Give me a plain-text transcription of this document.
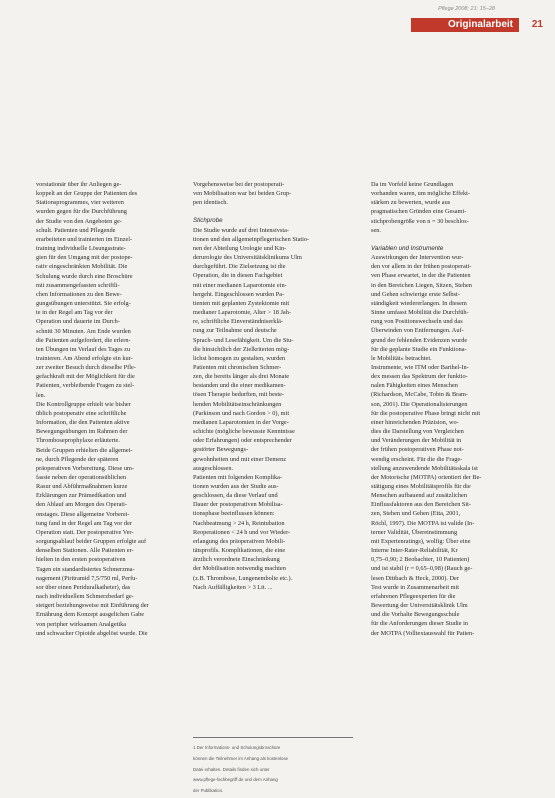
Pflege 2008; 21: 15–28
Originalarbeit	21

vorstationär über ihr Anliegen ge-

koppelt an der Gruppe der Patienten des

Stationsprogrammes, vier weiteren

wurden gegen für die Durchführung

der Studie von den Angeboten ge-

schult. Patienten und Pflegende

erarbeiteten und trainierten im Einzel-

training individuelle Lösungsstrate-

gien für den Umgang mit der postope-

rativ eingeschränkten Mobilität. Die

Schulung wurde durch eine Broschüre

mit zusammengefassten schriftli-

chen Informationen zu den Bewe-

gungsübungen unterstützt. Sie erfolg-

te in der Regel am Tag vor der

Operation und dauerte im Durch-

schnitt 30 Minuten. Am Ende wurden

die Patienten aufgefordert, die erlern-

ten Übungen im Verlauf des Tages zu

trainieren. Am Abend erfolgte ein kur-

zer zweiter Besuch durch dieselbe Pfle-

gefachkraft mit der Möglichkeit für die

Patienten, verbleibende Fragen zu stel-

len.

Die Kontrollgruppe erhielt wie bisher

üblich postoperativ eine schriftliche

Information, die den Patienten aktive

Bewegungsübungen im Rahmen der

Thromboseprophylaxe erläuterte.

Beide Gruppen erhielten die allgemei-

ne, durch Pflegende der späteren

präoperativen Vorbereitung. Diese um-

fasste neben der operationsüblichen

Rasur und Abführmaßnahmen kurze

Erklärungen zur Prämedikation und

den Ablauf am Morgen des Operati-

onstages. Diese allgemeine Vorberei-

tung fand in der Regel am Tag vor der

Operation statt. Der postoperative Ver-

sorgungsablauf beider Gruppen erfolgte auf

denselben Stationen. Alle Patienten er-

hielten in den ersten postoperativen

Tagen ein standardisiertes Schmerzma-

nagement (Piritramid 7,5/750 ml, Perfu-

sor über einen Periduralkatheter), das

nach individuellem Schmerzbedarf ge-

steigert beziehungsweise mit Einführung der

Ernährung dem Konzept ausgelichen Gabe

von peripher wirksamen Analgetika

und schwacher Opioide abgelöst wurde. Die

Vorgehensweise bei der postoperati-

ven Mobilisation war bei beiden Grup-

pen identisch.

Stichprobe

Die Studie wurde auf drei Intensivsta-

tionen und den allgemeinpflegerischen Statio-

nen der Abteilung Urologie und Kin-

derurologie des Universitätsklinikums Ulm

durchgeführt. Die Zielsetzung ist die

Operation, die in diesen Fachgebiet

mit einer medianen Laparotomie ein-

hergeht. Eingeschlossen wurden Pa-

tienten mit geplanten Zystektomie mit

medianer Laparotomie, Alter > 18 Jah-

re, schriftliche Einverständniserklä-

rung zur Teilnahme und deutsche

Sprach- und Lesefähigkeit. Um die Stu-

die hinsichtlich der Zielkriterien mög-

lichst homogen zu gestalten, wurden

Patienten mit chronischen Schmer-

zen, die bereits länger als drei Monate

bestanden und die einer medikamen-

tösen Therapie bedurften, mit beste-

henden Mobilitätseinschränkungen

(Parkinson und nach Gordon > 0), mit

medianen Laparotomien in der Vorge-

schichte (mögliche bewusste Kenntnisse

oder Erfahrungen) oder entsprechender

gestörter Bewegungs-

gewohnheiten und mit einer Demenz

ausgeschlossen.

Patienten mit folgenden Komplika-

tionen wurden aus der Studie aus-

geschlossen, da diese Verlauf und

Dauer der postoperativen Mobilisa-

tionsphase beeinflussen können:

Nachbeatmung > 24 h, Reintubation

Reoperationen < 24 h und vor Wieder-

erlangung des präoperativen Mobili-

tätsprofils. Komplikationen, die eine

ärztlich verordnete Einschränkung

der Mobilisation notwendig machten

(z.B. Thrombose, Lungenembolie etc.).

Nach Auffälligkeiten > 3 Lit. ...

Da im Vorfeld keine Grundlagen

vorhanden waren, um mögliche Effekt-

stärken zu bewerten, wurde aus

pragmatischen Gründen eine Gesamt-

stichprobengröße von n = 30 beschlos-

sen.

Variablen und Instrumente

Auswirkungen der Intervention wur-

den vor allem in der frühen postoperati-

ven Phase erwartet, in der die Patienten

in den Bereichen Liegen, Sitzen, Stehen

und Gehen schwierige erste Selbst-

ständigkeit wiedererlangen. In diesem

Sinne umfasst Mobilität die Durchfüh-

rung von Positionswechseln und das

Überwinden von Entfernungen. Auf-

grund der fehlenden Evidenzen wurde

für die geplante Studie ein Funktiona-

le Mobilität« betrachtet.

Instrumente, wie ITM oder Barthel-In-

dex messen das Spektrum der funktio-

nalen Fähigkeiten eines Menschen

(Richardson, McCabe, Tobin & Bram-

son, 2001). Die Operationalisierungen

für die postoperative Phase bringt nicht mit

einer hinreichenden Präzision, wo-

dies die Darstellung von Vergleichen

und Veränderungen der Mobilität in

der frühen postoperativen Phase not-

wendig erscheint. Für die die Frage-

stellung anzuwendende Mobilitätsskala ist

der Motorische (MOTPA) orientiert der Be-

stätigung eines Mobilitätsprofils für die

Menschen aufbauend auf zusätzlichen

Einflussfaktoren aus den Bereichen Sit-

zen, Stehen und Gehen (Etta, 2001,

Röchl, 1997). Die MOTPA ist valide (In-

terner Validität, Übereinstimmung

mit Expertenratings), wolfig: Über eine

Interne Inter-Rater-Reliabilität, Kr

0,75–0,90; 2 Beobachter, 10 Patienten)

und ist stabil (r = 0,65–0,98) (Rauch ge-

lesen Dittbach & Heck, 2000). Der

Test wurde in Zusammenarbeit mit

erfahrenen Pflegeexperten für die

Bewertung der Universitätsklinik Ulm

und die Vorhalte Bewegungsschule

für die Anforderungen dieser Studie in

der MOTPA (Volltextauswahl für Patien-

1 Der Informations- und Schulungsbroschüre

können die Teilnehmer im Anhang als kostenlose

Datei erhalten. Details finden sich unter

www.pflege-fachbegriff.de und dem Anhang

der Publikation.
